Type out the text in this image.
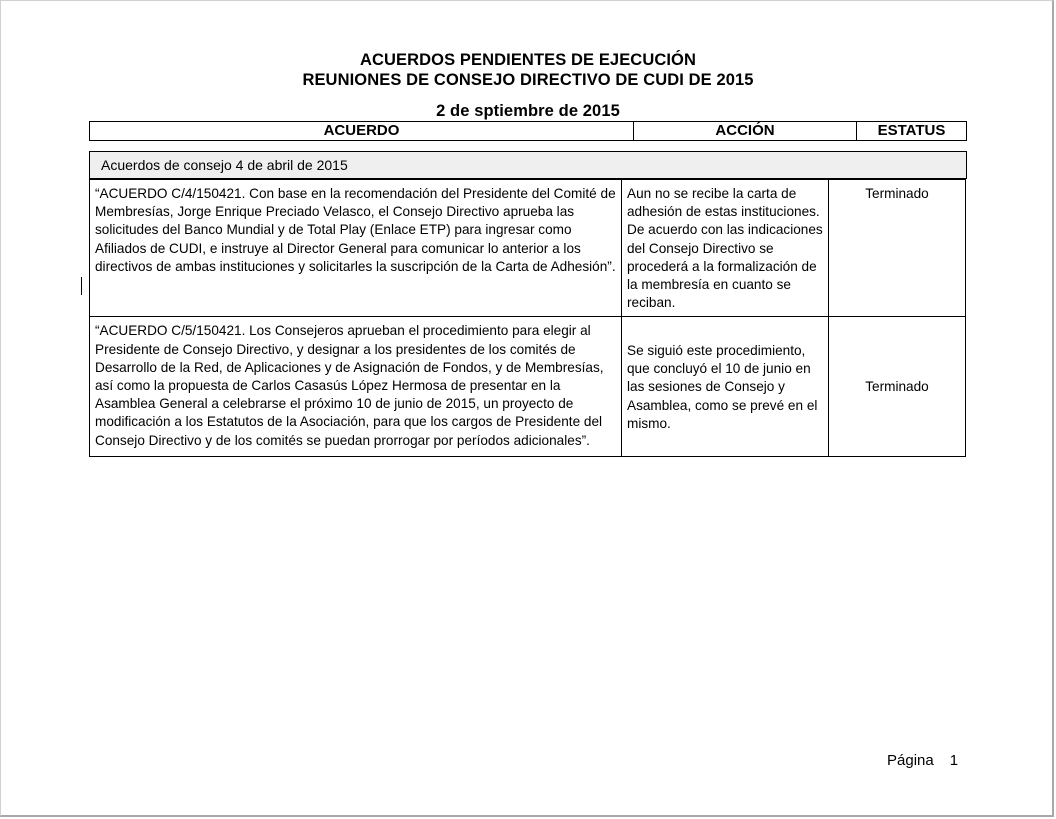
ACUERDOS PENDIENTES DE EJECUCIÓN
REUNIONES DE CONSEJO DIRECTIVO DE CUDI DE 2015
2 de sptiembre de 2015
ACUERDO	ACCIÓN	ESTATUS
Acuerdos de consejo 4 de abril de 2015
“ACUERDO C/4/150421. Con base en la recomendación del Presidente del Comité de Membresías, Jorge Enrique Preciado Velasco, el Consejo Directivo aprueba las solicitudes del Banco Mundial y de Total Play (Enlace ETP) para ingresar como Afiliados de CUDI, e instruye al Director General para comunicar lo anterior a los directivos de ambas instituciones y solicitarles la suscripción de la Carta de Adhesión”.	Aun no se recibe la carta de adhesión de estas instituciones. De acuerdo con las indicaciones del Consejo Directivo se procederá a la formalización de la membresía en cuanto se reciban.	Terminado
“ACUERDO C/5/150421. Los Consejeros aprueban el procedimiento para elegir al Presidente de Consejo Directivo, y designar a los presidentes de los comités de Desarrollo de la Red, de Aplicaciones y de Asignación de Fondos, y de Membresías, así como la propuesta de Carlos Casasús López Hermosa de presentar en la Asamblea General a celebrarse el próximo 10 de junio de 2015, un proyecto de modificación a los Estatutos de la Asociación, para que los cargos de Presidente del Consejo Directivo y de los comités se puedan prorrogar por períodos adicionales”.	Se siguió este procedimiento, que concluyó el 10 de junio en las sesiones de Consejo y Asamblea, como se prevé en el mismo.	Terminado
Página 1
